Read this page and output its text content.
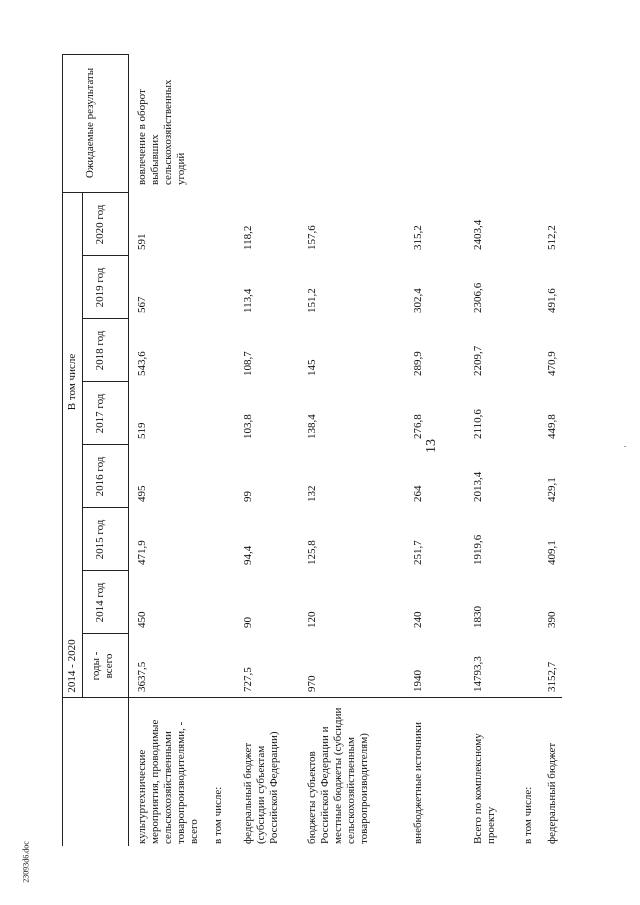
13
23093d6.doc
2014 - 2020 годы -
всего
В том числе
2014 год
2015 год
2016 год
2017 год
2018 год
2019 год
2020 год
Ожидаемые результаты
культуртехнические мероприятия, проводимые сельскохозяйственными товаропроизводителями, - всего
3637,5
450
471,9
495
519
543,6
567
591
вовлечение в оборот выбывших сельскохозяйственных угодий
в том числе: федеральный бюджет (субсидии субъектам Российской Федерации)
727,5
90
94,4
99
103,8
108,7
113,4
118,2
бюджеты субъектов Российской Федерации и местные бюджеты (субсидии сельскохозяйственным товаропроизводителям)
970
120
125,8
132
138,4
145
151,2
157,6
внебюджетные источники
1940
240
251,7
264
276,8
289,9
302,4
315,2
Всего по комплексному проекту
14793,3
1830
1919,6
2013,4
2110,6
2209,7
2306,6
2403,4
в том числе: федеральный бюджет
3152,7
390
409,1
429,1
449,8
470,9
491,6
512,2
